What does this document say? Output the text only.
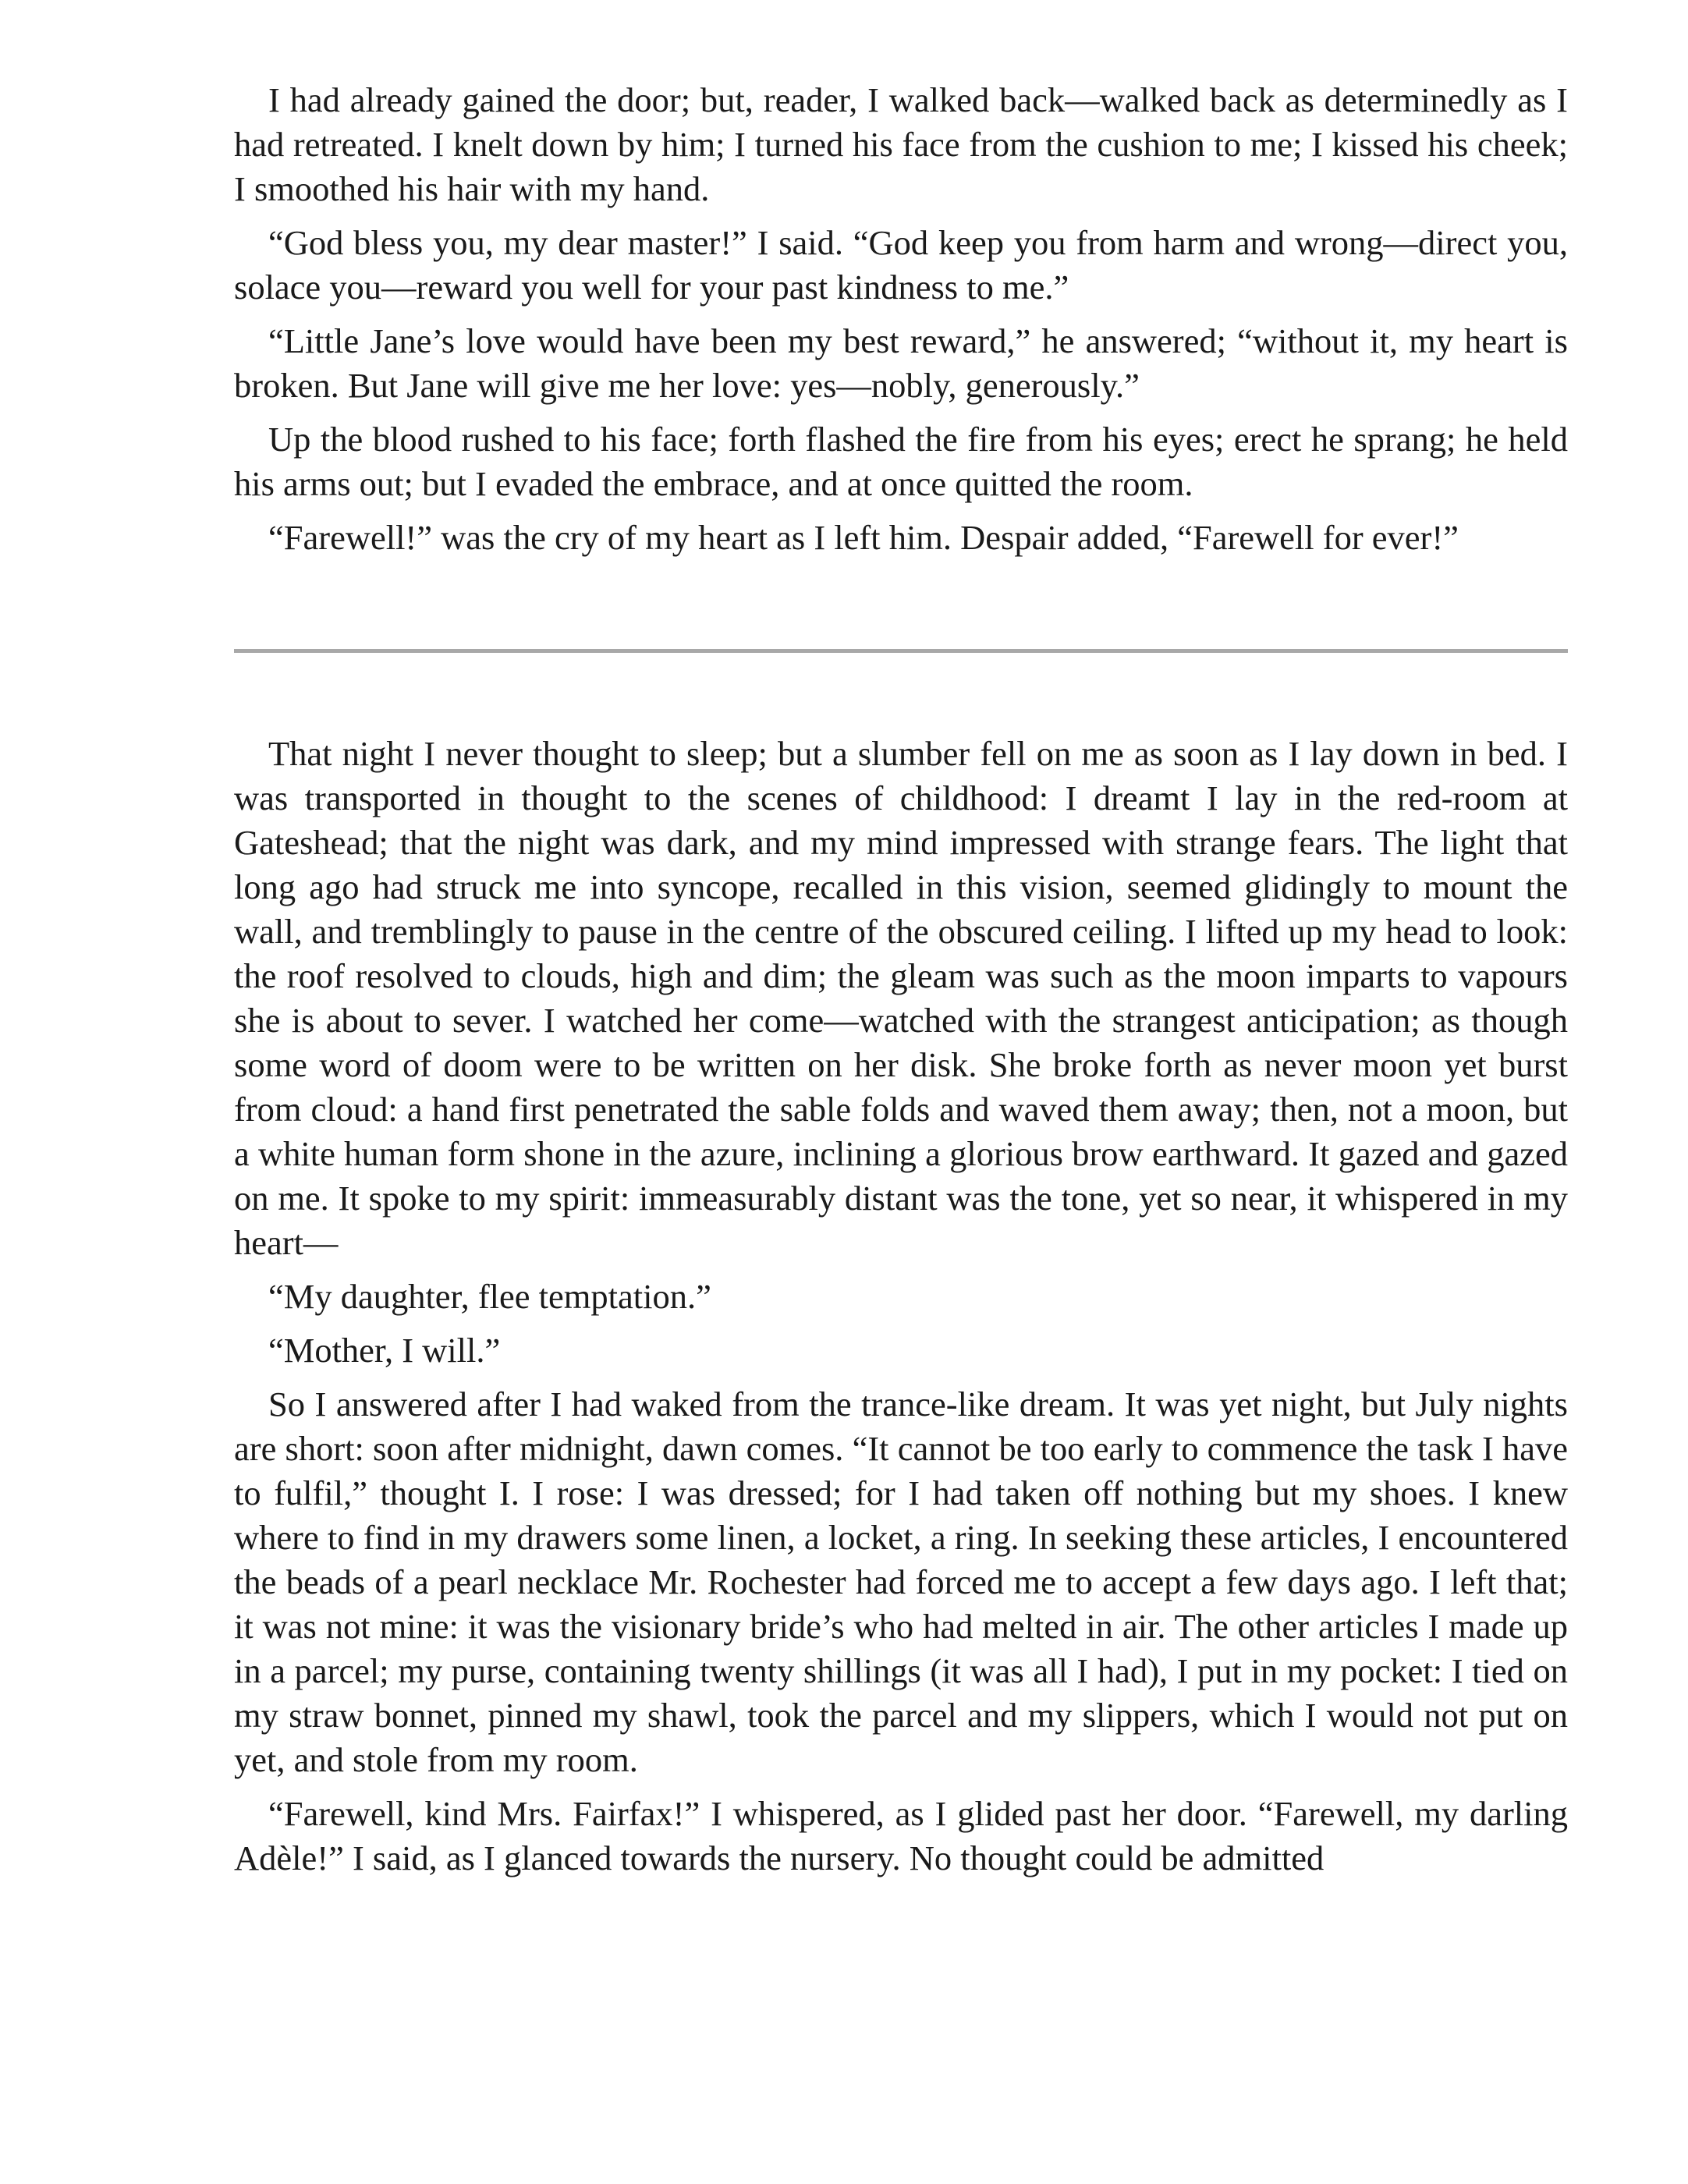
I had already gained the door; but, reader, I walked back—walked back as determinedly as I had retreated. I knelt down by him; I turned his face from the cushion to me; I kissed his cheek; I smoothed his hair with my hand.

“God bless you, my dear master!” I said. “God keep you from harm and wrong—direct you, solace you—reward you well for your past kindness to me.”

“Little Jane’s love would have been my best reward,” he answered; “without it, my heart is broken. But Jane will give me her love: yes—nobly, generously.”

Up the blood rushed to his face; forth flashed the fire from his eyes; erect he sprang; he held his arms out; but I evaded the embrace, and at once quitted the room.

“Farewell!” was the cry of my heart as I left him. Despair added, “Farewell for ever!”

That night I never thought to sleep; but a slumber fell on me as soon as I lay down in bed. I was transported in thought to the scenes of childhood: I dreamt I lay in the red-room at Gateshead; that the night was dark, and my mind impressed with strange fears. The light that long ago had struck me into syncope, recalled in this vision, seemed glidingly to mount the wall, and tremblingly to pause in the centre of the obscured ceiling. I lifted up my head to look: the roof resolved to clouds, high and dim; the gleam was such as the moon imparts to vapours she is about to sever. I watched her come—watched with the strangest anticipation; as though some word of doom were to be written on her disk. She broke forth as never moon yet burst from cloud: a hand first penetrated the sable folds and waved them away; then, not a moon, but a white human form shone in the azure, inclining a glorious brow earthward. It gazed and gazed on me. It spoke to my spirit: immeasurably distant was the tone, yet so near, it whispered in my heart—

“My daughter, flee temptation.”

“Mother, I will.”

So I answered after I had waked from the trance-like dream. It was yet night, but July nights are short: soon after midnight, dawn comes. “It cannot be too early to commence the task I have to fulfil,” thought I. I rose: I was dressed; for I had taken off nothing but my shoes. I knew where to find in my drawers some linen, a locket, a ring. In seeking these articles, I encountered the beads of a pearl necklace Mr. Rochester had forced me to accept a few days ago. I left that; it was not mine: it was the visionary bride’s who had melted in air. The other articles I made up in a parcel; my purse, containing twenty shillings (it was all I had), I put in my pocket: I tied on my straw bonnet, pinned my shawl, took the parcel and my slippers, which I would not put on yet, and stole from my room.

“Farewell, kind Mrs. Fairfax!” I whispered, as I glided past her door. “Farewell, my darling Adèle!” I said, as I glanced towards the nursery. No thought could be admitted
